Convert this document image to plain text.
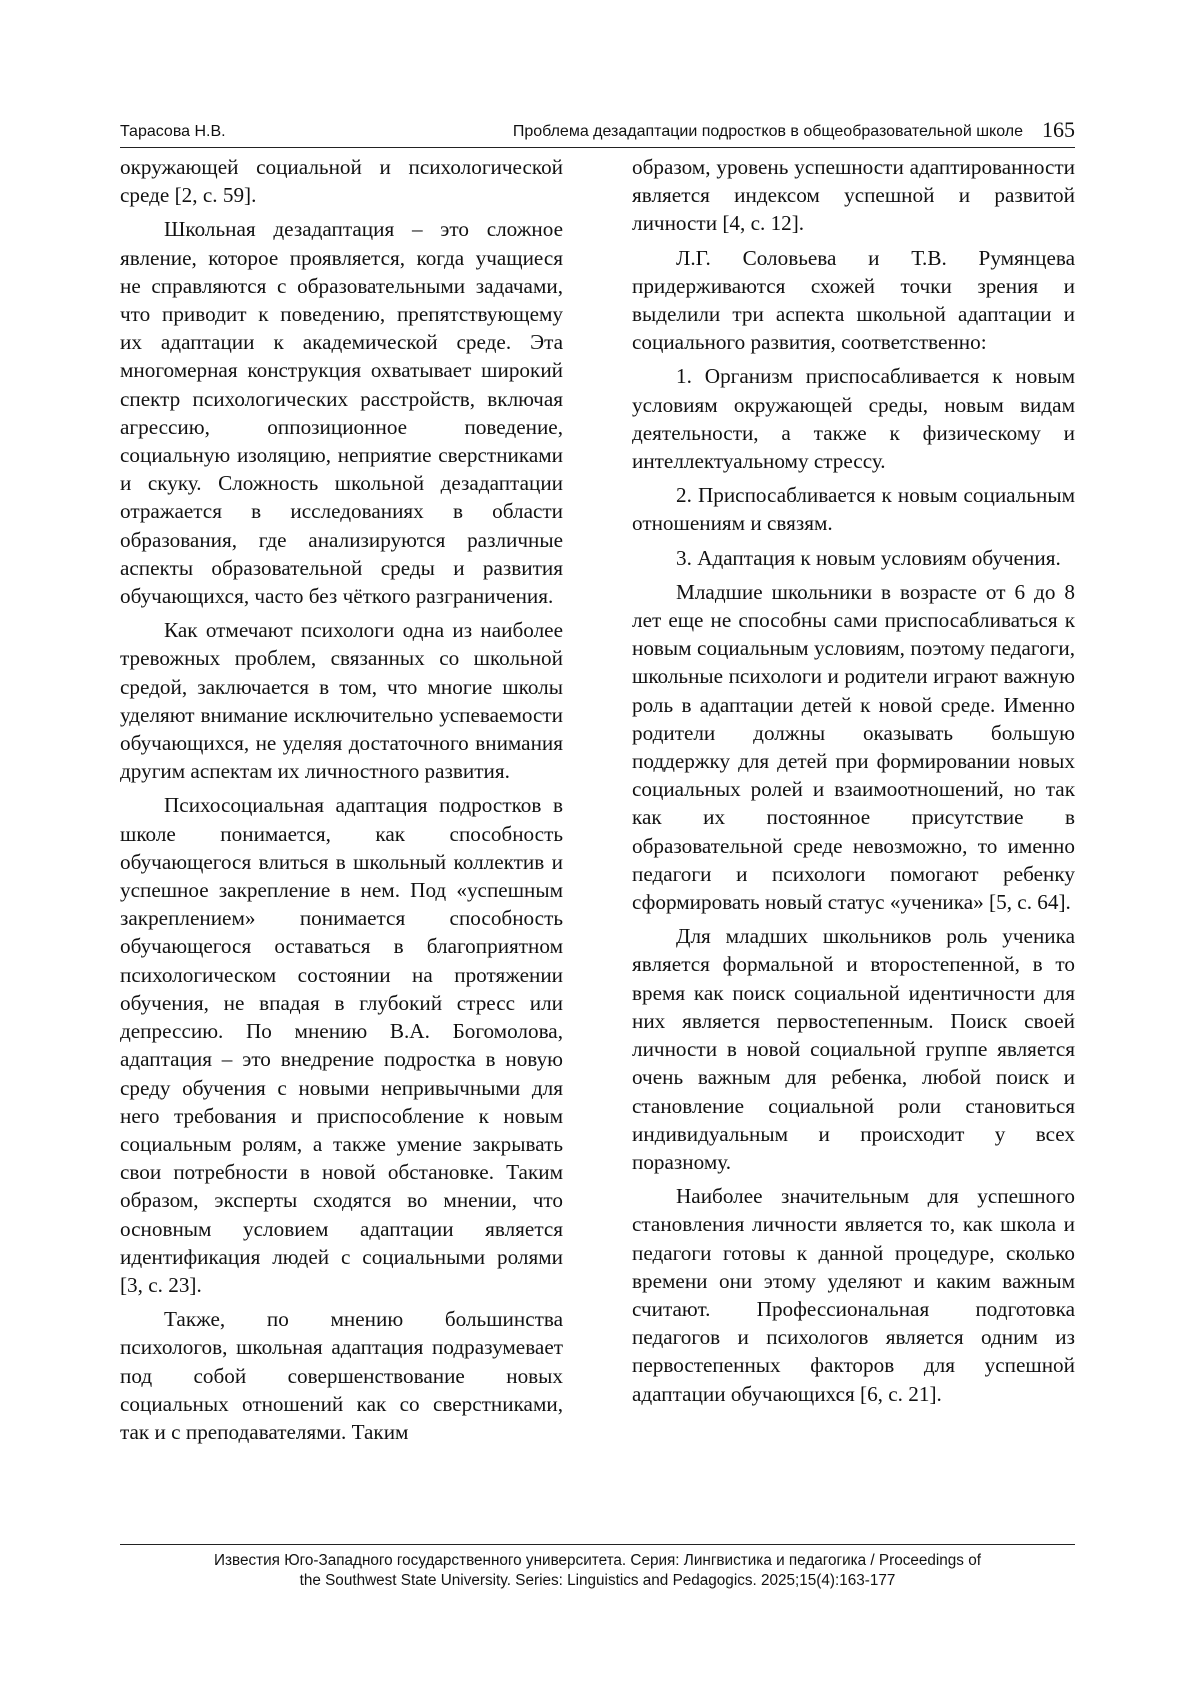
Тарасова Н.В.	Проблема дезадаптации подростков в общеобразовательной школе 165

окружающей социальной и психологической среде [2, с. 59].

Школьная дезадаптация – это сложное явление, которое проявляется, когда учащиеся не справляются с образовательными задачами, что приводит к поведению, препятствующему их адаптации к академической среде. Эта многомерная конструкция охватывает широкий спектр психологических расстройств, включая агрессию, оппозиционное поведение, социальную изоляцию, неприятие сверстниками и скуку. Сложность школьной дезадаптации отражается в исследованиях в области образования, где анализируются различные аспекты образовательной среды и развития обучающихся, часто без чёткого разграничения.

Как отмечают психологи одна из наиболее тревожных проблем, связанных со школьной средой, заключается в том, что многие школы уделяют внимание исключительно успеваемости обучающихся, не уделяя достаточного внимания другим аспектам их личностного развития.

Психосоциальная адаптация подростков в школе понимается, как способность обучающегося влиться в школьный коллектив и успешное закрепление в нем. Под «успешным закреплением» понимается способность обучающегося оставаться в благоприятном психологическом состоянии на протяжении обучения, не впадая в глубокий стресс или депрессию. По мнению В.А. Богомолова, адаптация – это внедрение подростка в новую среду обучения с новыми непривычными для него требования и приспособление к новым социальным ролям, а также умение закрывать свои потребности в новой обстановке. Таким образом, эксперты сходятся во мнении, что основным условием адаптации является идентификация людей с социальными ролями [3, с. 23].

Также, по мнению большинства психологов, школьная адаптация подразумевает под собой совершенствование новых социальных отношений как со сверстниками, так и с преподавателями. Таким

образом, уровень успешности адаптированности является индексом успешной и развитой личности [4, с. 12].

Л.Г. Соловьева и Т.В. Румянцева придерживаются схожей точки зрения и выделили три аспекта школьной адаптации и социального развития, соответственно:

1. Организм приспосабливается к новым условиям окружающей среды, новым видам деятельности, а также к физическому и интеллектуальному стрессу.

2. Приспосабливается к новым социальным отношениям и связям.

3. Адаптация к новым условиям обучения.

Младшие школьники в возрасте от 6 до 8 лет еще не способны сами приспосабливаться к новым социальным условиям, поэтому педагоги, школьные психологи и родители играют важную роль в адаптации детей к новой среде. Именно родители должны оказывать большую поддержку для детей при формировании новых социальных ролей и взаимоотношений, но так как их постоянное присутствие в образовательной среде невозможно, то именно педагоги и психологи помогают ребенку сформировать новый статус «ученика» [5, с. 64].

Для младших школьников роль ученика является формальной и второстепенной, в то время как поиск социальной идентичности для них является первостепенным. Поиск своей личности в новой социальной группе является очень важным для ребенка, любой поиск и становление социальной роли становиться индивидуальным и происходит у всех поразному.

Наиболее значительным для успешного становления личности является то, как школа и педагоги готовы к данной процедуре, сколько времени они этому уделяют и каким важным считают. Профессиональная подготовка педагогов и психологов является одним из первостепенных факторов для успешной адаптации обучающихся [6, с. 21].

Известия Юго-Западного государственного университета. Серия: Лингвистика и педагогика / Proceedings of
the Southwest State University. Series: Linguistics and Pedagogics. 2025;15(4):163-177
